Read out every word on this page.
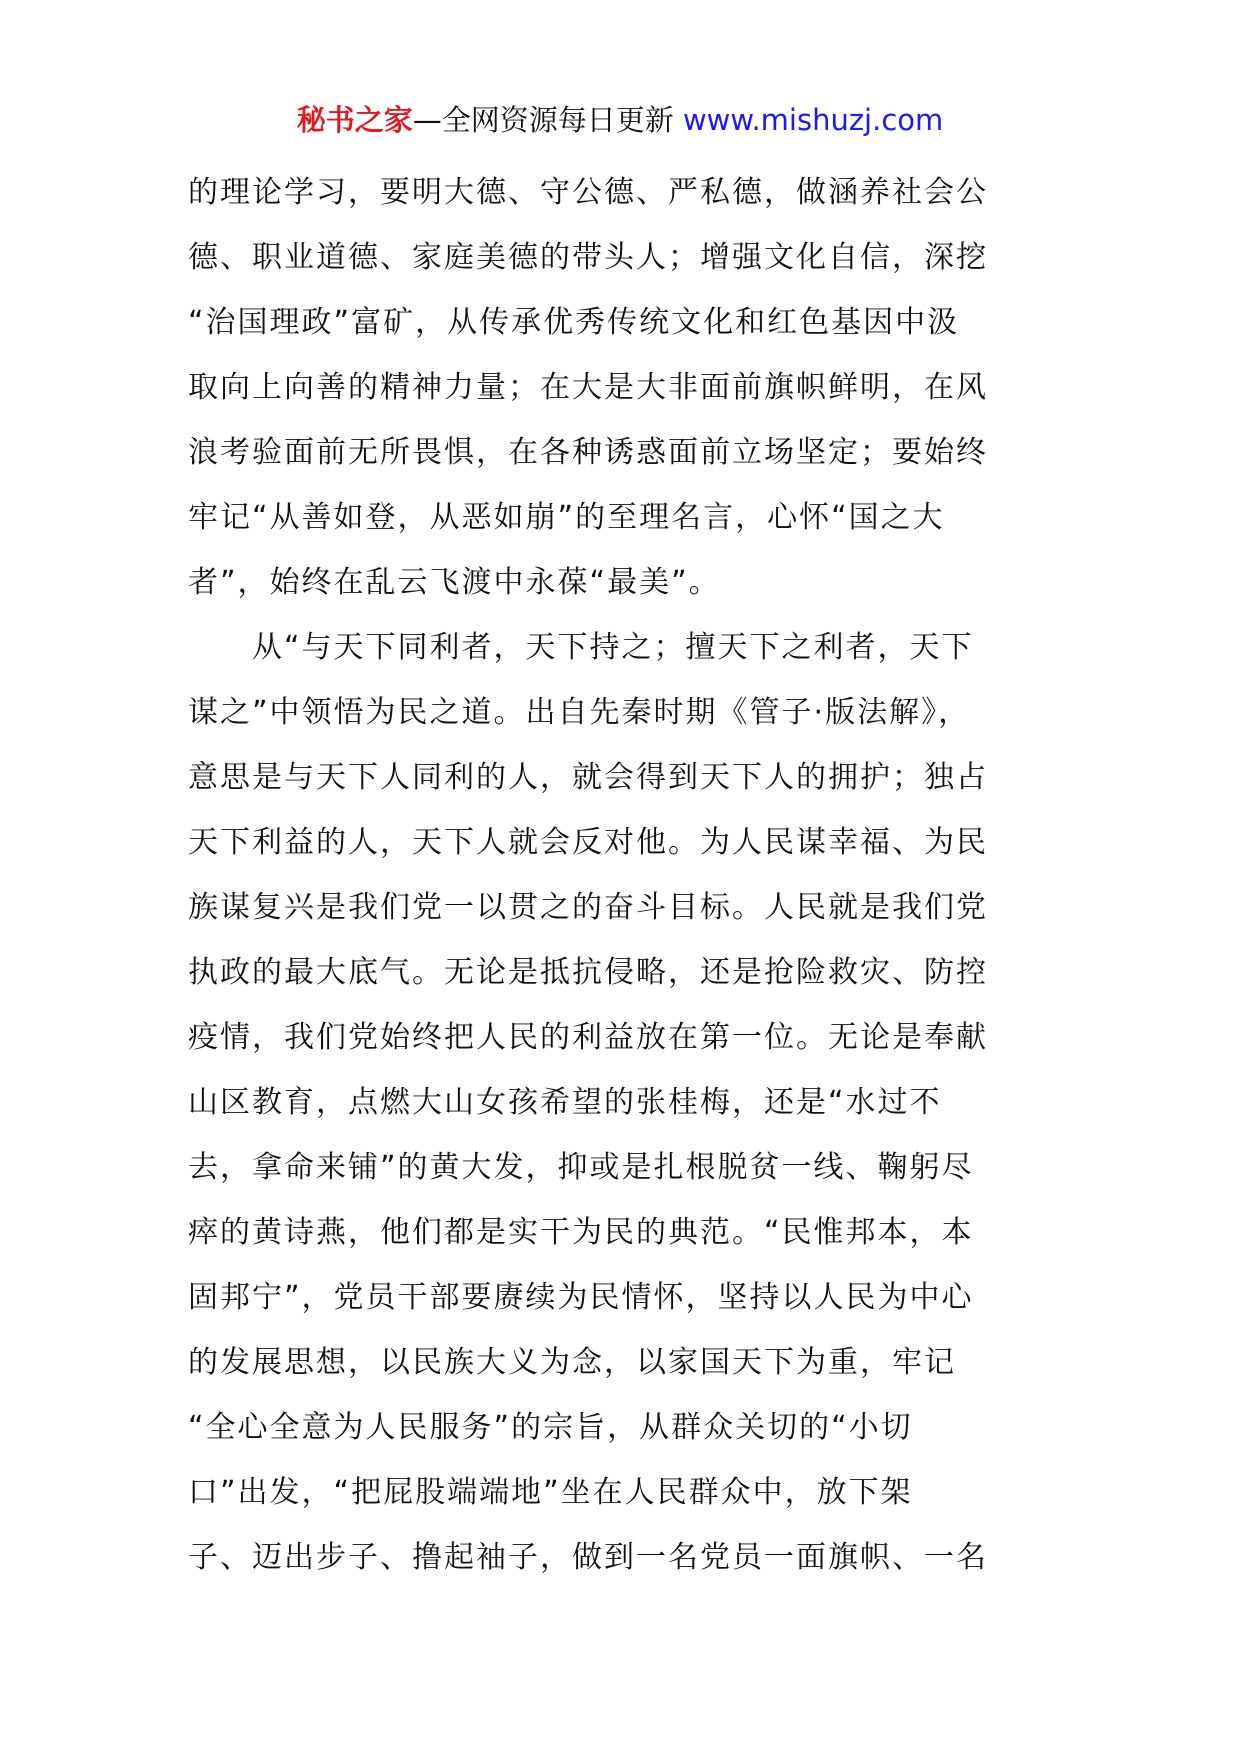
秘书之家—全网资源每日更新 www.mishuzj.com
的理论学习，要明大德、守公德、严私德，做涵养社会公
德、职业道德、家庭美德的带头人；增强文化自信，深挖
“治国理政”富矿，从传承优秀传统文化和红色基因中汲
取向上向善的精神力量；在大是大非面前旗帜鲜明，在风
浪考验面前无所畏惧，在各种诱惑面前立场坚定；要始终
牢记“从善如登，从恶如崩”的至理名言，心怀“国之大
者”，始终在乱云飞渡中永葆“最美”。
从“与天下同利者，天下持之；擅天下之利者，天下
谋之”中领悟为民之道。出自先秦时期《管子·版法解》，
意思是与天下人同利的人，就会得到天下人的拥护；独占
天下利益的人，天下人就会反对他。为人民谋幸福、为民
族谋复兴是我们党一以贯之的奋斗目标。人民就是我们党
执政的最大底气。无论是抵抗侵略，还是抢险救灾、防控
疫情，我们党始终把人民的利益放在第一位。无论是奉献
山区教育，点燃大山女孩希望的张桂梅，还是“水过不
去，拿命来铺”的黄大发，抑或是扎根脱贫一线、鞠躬尽
瘁的黄诗燕，他们都是实干为民的典范。“民惟邦本，本
固邦宁”，党员干部要赓续为民情怀，坚持以人民为中心
的发展思想，以民族大义为念，以家国天下为重，牢记
“全心全意为人民服务”的宗旨，从群众关切的“小切
口”出发，“把屁股端端地”坐在人民群众中，放下架
子、迈出步子、撸起袖子，做到一名党员一面旗帜、一名
